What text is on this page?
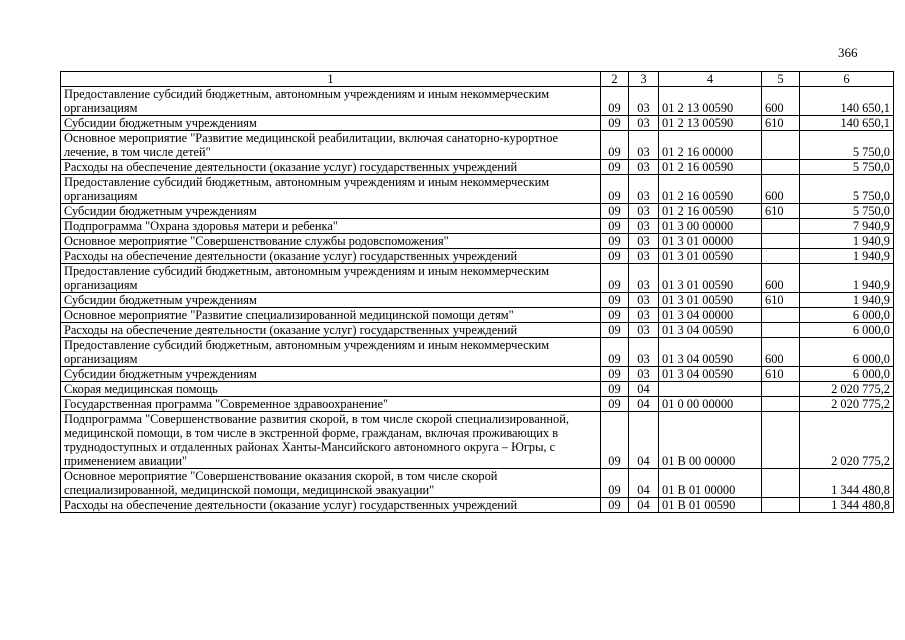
366
1	2	3	4	5	6
Предоставление субсидий бюджетным, автономным учреждениям и иным некоммерческим организациям	09	03	01 2 13 00590	600	140 650,1
Субсидии бюджетным учреждениям	09	03	01 2 13 00590	610	140 650,1
Основное мероприятие "Развитие медицинской реабилитации, включая санаторно-курортное лечение, в том числе детей"	09	03	01 2 16 00000		5 750,0
Расходы на обеспечение деятельности (оказание услуг) государственных учреждений	09	03	01 2 16 00590		5 750,0
Предоставление субсидий бюджетным, автономным учреждениям и иным некоммерческим организациям	09	03	01 2 16 00590	600	5 750,0
Субсидии бюджетным учреждениям	09	03	01 2 16 00590	610	5 750,0
Подпрограмма "Охрана здоровья матери и ребенка"	09	03	01 3 00 00000		7 940,9
Основное мероприятие "Совершенствование службы родовспоможения"	09	03	01 3 01 00000		1 940,9
Расходы на обеспечение деятельности (оказание услуг) государственных учреждений	09	03	01 3 01 00590		1 940,9
Предоставление субсидий бюджетным, автономным учреждениям и иным некоммерческим организациям	09	03	01 3 01 00590	600	1 940,9
Субсидии бюджетным учреждениям	09	03	01 3 01 00590	610	1 940,9
Основное мероприятие "Развитие специализированной медицинской помощи детям"	09	03	01 3 04 00000		6 000,0
Расходы на обеспечение деятельности (оказание услуг) государственных учреждений	09	03	01 3 04 00590		6 000,0
Предоставление субсидий бюджетным, автономным учреждениям и иным некоммерческим организациям	09	03	01 3 04 00590	600	6 000,0
Субсидии бюджетным учреждениям	09	03	01 3 04 00590	610	6 000,0
Скорая медицинская помощь	09	04			2 020 775,2
Государственная программа "Современное здравоохранение"	09	04	01 0 00 00000		2 020 775,2
Подпрограмма "Совершенствование развития скорой, в том числе скорой специализированной, медицинской помощи, в том числе в экстренной форме, гражданам, включая проживающих в труднодоступных и отдаленных районах Ханты-Мансийского автономного округа – Югры, с применением авиации"	09	04	01 В 00 00000		2 020 775,2
Основное мероприятие "Совершенствование оказания скорой, в том числе скорой специализированной, медицинской помощи, медицинской эвакуации"	09	04	01 В 01 00000		1 344 480,8
Расходы на обеспечение деятельности (оказание услуг) государственных учреждений	09	04	01 В 01 00590		1 344 480,8
